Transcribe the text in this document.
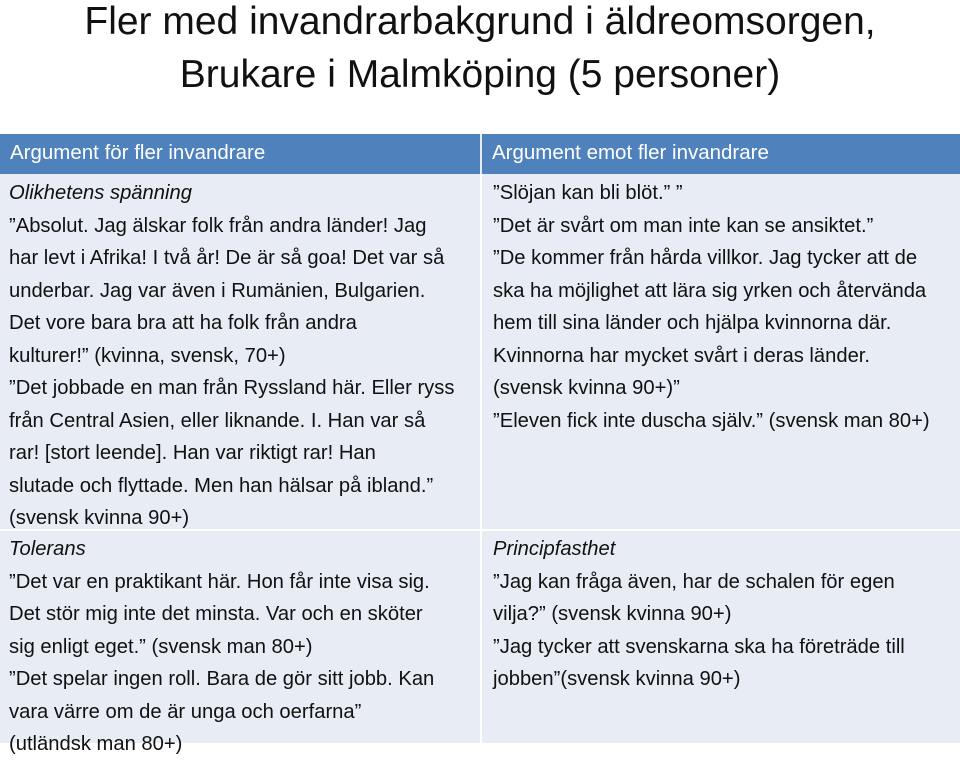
Fler med invandrarbakgrund i äldreomsorgen,
Brukare i Malmköping (5 personer)
Argument för fler invandrare	Argument emot fler invandrare

Olikhetens spänning

”Absolut. Jag älskar folk från andra länder! Jag

har levt i Afrika! I två år! De är så goa! Det var så

underbar. Jag var även i Rumänien, Bulgarien.

Det vore bara bra att ha folk från andra

kulturer!” (kvinna, svensk, 70+)

”Det jobbade en man från Ryssland här. Eller ryss

från Central Asien, eller liknande. I. Han var så

rar! [stort leende]. Han var riktigt rar! Han

slutade och flyttade. Men han hälsar på ibland.”

(svensk kvinna 90+)

”Slöjan kan bli blöt.” ”

”Det är svårt om man inte kan se ansiktet.”

”De kommer från hårda villkor. Jag tycker att de

ska ha möjlighet att lära sig yrken och återvända

hem till sina länder och hjälpa kvinnorna där.

Kvinnorna har mycket svårt i deras länder.

(svensk kvinna 90+)”

”Eleven fick inte duscha själv.” (svensk man 80+)

Tolerans

”Det var en praktikant här. Hon får inte visa sig.

Det stör mig inte det minsta. Var och en sköter

sig enligt eget.” (svensk man 80+)

”Det spelar ingen roll. Bara de gör sitt jobb. Kan

vara värre om de är unga och oerfarna”

(utländsk man 80+)

Principfasthet

”Jag kan fråga även, har de schalen för egen

vilja?” (svensk kvinna 90+)

”Jag tycker att svenskarna ska ha företräde till

jobben”(svensk kvinna 90+)
